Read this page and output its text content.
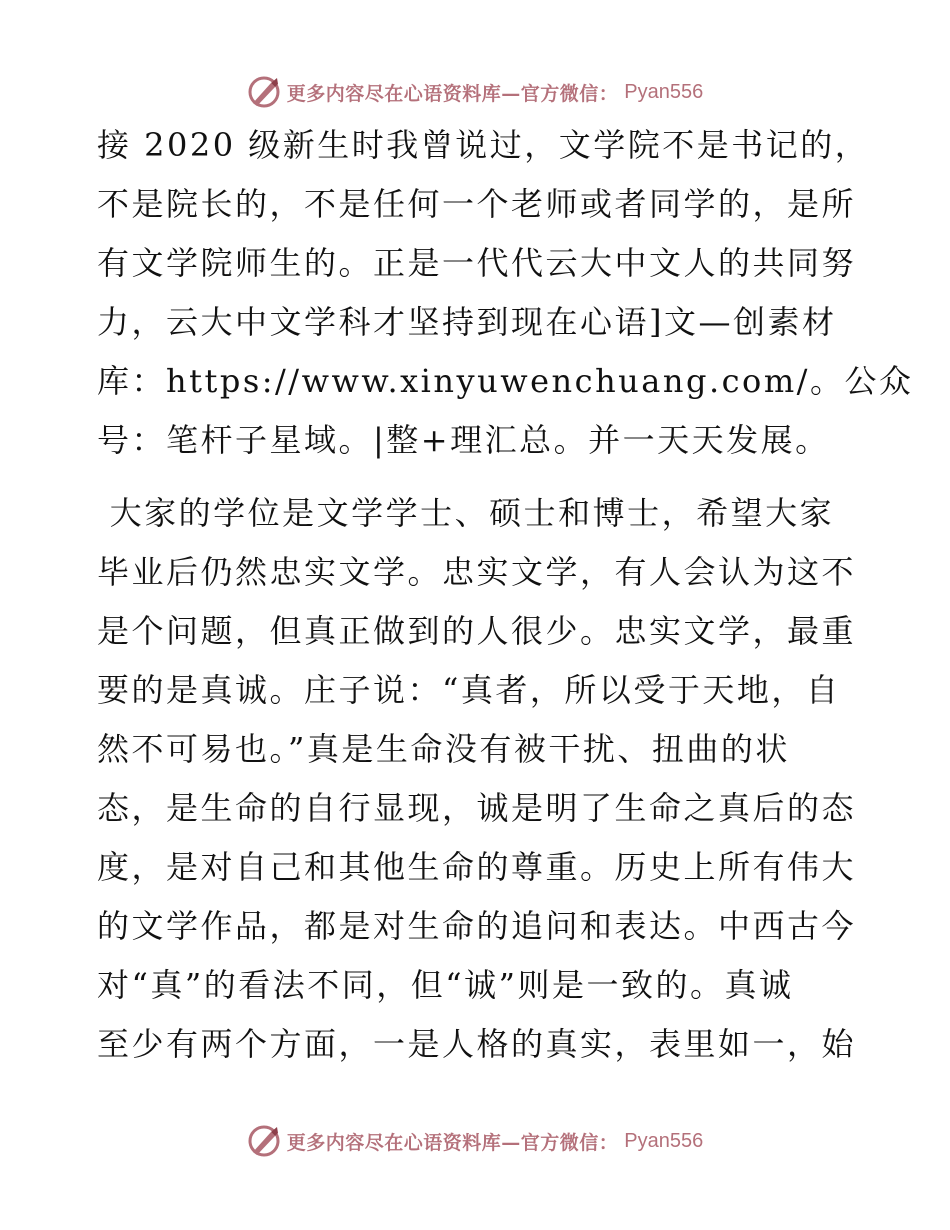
更多内容尽在心语资料库—官方微信： Pyan556
接 2020 级新生时我曾说过，文学院不是书记的，
不是院长的，不是任何一个老师或者同学的，是所
有文学院师生的。正是一代代云大中文人的共同努
力，云大中文学科才坚持到现在心语]文—创素材
库：https://www.xinyuwenchuang.com/。公众
号：笔杆子星域。|整+理汇总。并一天天发展。
大家的学位是文学学士、硕士和博士，希望大家
毕业后仍然忠实文学。忠实文学，有人会认为这不
是个问题，但真正做到的人很少。忠实文学，最重
要的是真诚。庄子说：“真者，所以受于天地，自
然不可易也。”真是生命没有被干扰、扭曲的状
态，是生命的自行显现，诚是明了生命之真后的态
度，是对自己和其他生命的尊重。历史上所有伟大
的文学作品，都是对生命的追问和表达。中西古今
对“真”的看法不同，但“诚”则是一致的。真诚
至少有两个方面，一是人格的真实，表里如一，始
更多内容尽在心语资料库—官方微信： Pyan556
